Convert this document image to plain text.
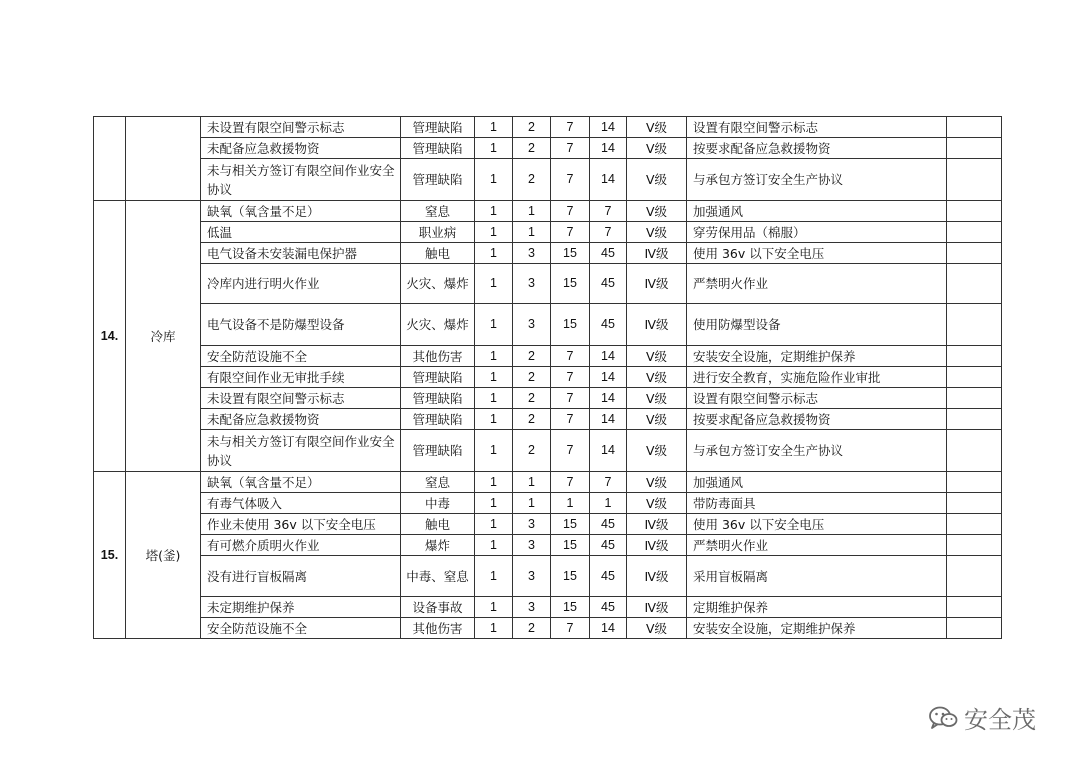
		未设置有限空间警示标志	管理缺陷	1	2	7	14	Ⅴ级	设置有限空间警示标志	
		未配备应急救援物资	管理缺陷	1	2	7	14	Ⅴ级	按要求配备应急救援物资	
		未与相关方签订有限空间作业安全协议	管理缺陷	1	2	7	14	Ⅴ级	与承包方签订安全生产协议	
14.	冷库	缺氧（氧含量不足）	窒息	1	1	7	7	Ⅴ级	加强通风	
		低温	职业病	1	1	7	7	Ⅴ级	穿劳保用品（棉服）	
		电气设备未安装漏电保护器	触电	1	3	15	45	Ⅳ级	使用 36v 以下安全电压	
		冷库内进行明火作业	火灾、爆炸	1	3	15	45	Ⅳ级	严禁明火作业	
		电气设备不是防爆型设备	火灾、爆炸	1	3	15	45	Ⅳ级	使用防爆型设备	
		安全防范设施不全	其他伤害	1	2	7	14	Ⅴ级	安装安全设施，定期维护保养	
		有限空间作业无审批手续	管理缺陷	1	2	7	14	Ⅴ级	进行安全教育，实施危险作业审批	
		未设置有限空间警示标志	管理缺陷	1	2	7	14	Ⅴ级	设置有限空间警示标志	
		未配备应急救援物资	管理缺陷	1	2	7	14	Ⅴ级	按要求配备应急救援物资	
		未与相关方签订有限空间作业安全协议	管理缺陷	1	2	7	14	Ⅴ级	与承包方签订安全生产协议	
15.	塔(釜)	缺氧（氧含量不足）	窒息	1	1	7	7	Ⅴ级	加强通风	
		有毒气体吸入	中毒	1	1	1	1	Ⅴ级	带防毒面具	
		作业未使用 36v 以下安全电压	触电	1	3	15	45	Ⅳ级	使用 36v 以下安全电压	
		有可燃介质明火作业	爆炸	1	3	15	45	Ⅳ级	严禁明火作业	
		没有进行盲板隔离	中毒、窒息	1	3	15	45	Ⅳ级	采用盲板隔离	
		未定期维护保养	设备事故	1	3	15	45	Ⅳ级	定期维护保养	
		安全防范设施不全	其他伤害	1	2	7	14	Ⅴ级	安装安全设施，定期维护保养	
安全茂
